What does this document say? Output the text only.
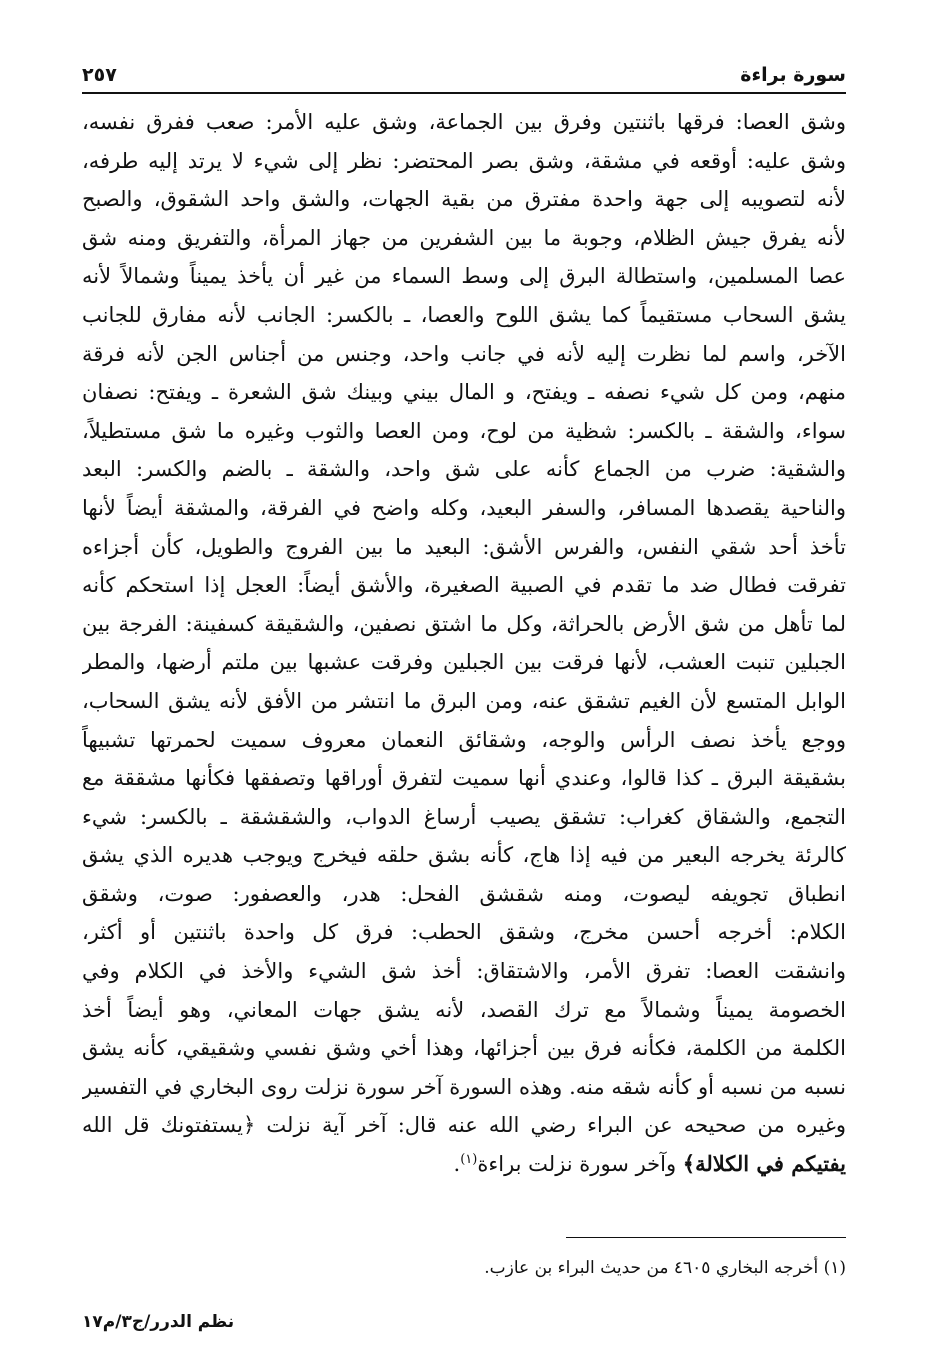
سورة براءة
٢٥٧
وشق العصا: فرقها باثنتين وفرق بين الجماعة، وشق عليه الأمر: صعب ففرق نفسه،
وشق عليه: أوقعه في مشقة، وشق بصر المحتضر: نظر إلى شيء لا يرتد إليه طرفه،
لأنه لتصويبه إلى جهة واحدة مفترق من بقية الجهات، والشق واحد الشقوق، والصبح
لأنه يفرق جيش الظلام، وجوبة ما بين الشفرين من جهاز المرأة، والتفريق ومنه شق
عصا المسلمين، واستطالة البرق إلى وسط السماء من غير أن يأخذ يميناً وشمالاً لأنه
يشق السحاب مستقيماً كما يشق اللوح والعصا، ـ بالكسر: الجانب لأنه مفارق للجانب
الآخر، واسم لما نظرت إليه لأنه في جانب واحد، وجنس من أجناس الجن لأنه فرقة
منهم، ومن كل شيء نصفه ـ ويفتح، و المال بيني وبينك شق الشعرة ـ ويفتح: نصفان
سواء، والشقة ـ بالكسر: شظية من لوح، ومن العصا والثوب وغيره ما شق مستطيلاً،
والشقية: ضرب من الجماع كأنه على شق واحد، والشقة ـ بالضم والكسر: البعد
والناحية يقصدها المسافر، والسفر البعيد، وكله واضح في الفرقة، والمشقة أيضاً لأنها
تأخذ أحد شقي النفس، والفرس الأشق: البعيد ما بين الفروج والطويل، كأن أجزاءه
تفرقت فطال ضد ما تقدم في الصبية الصغيرة، والأشق أيضاً: العجل إذا استحكم كأنه
لما تأهل من شق الأرض بالحراثة، وكل ما اشتق نصفين، والشقيقة كسفينة: الفرجة بين
الجبلين تنبت العشب، لأنها فرقت بين الجبلين وفرقت عشبها بين ملتم أرضها، والمطر
الوابل المتسع لأن الغيم تشقق عنه، ومن البرق ما انتشر من الأفق لأنه يشق السحاب،
ووجع يأخذ نصف الرأس والوجه، وشقائق النعمان معروف سميت لحمرتها تشبيهاً
بشقيقة البرق ـ كذا قالوا، وعندي أنها سميت لتفرق أوراقها وتصفقها فكأنها مشققة مع
التجمع، والشقاق كغراب: تشقق يصيب أرساغ الدواب، والشقشقة ـ بالكسر: شيء
كالرئة يخرجه البعير من فيه إذا هاج، كأنه بشق حلقه فيخرج ويوجب هديره الذي يشق
انطباق تجويفه ليصوت، ومنه شقشق الفحل: هدر، والعصفور: صوت، وشقق
الكلام: أخرجه أحسن مخرج، وشقق الحطب: فرق كل واحدة باثنتين أو أكثر،
وانشقت العصا: تفرق الأمر، والاشتقاق: أخذ شق الشيء والأخذ في الكلام وفي
الخصومة يميناً وشمالاً مع ترك القصد، لأنه يشق جهات المعاني، وهو أيضاً أخذ
الكلمة من الكلمة، فكأنه فرق بين أجزائها، وهذا أخي وشق نفسي وشقيقي، كأنه يشق
نسبه من نسبه أو كأنه شقه منه. وهذه السورة آخر سورة نزلت روى البخاري في التفسير
وغيره من صحيحه عن البراء رضي الله عنه قال: آخر آية نزلت ﴿يستفتونك قل الله
يفتيكم في الكلالة﴾ وآخر سورة نزلت براءة$^{(١)}$.
(١) أخرجه البخاري ٤٦٠٥ من حديث البراء بن عازب.
نظم الدرر/ج٣/م١٧
